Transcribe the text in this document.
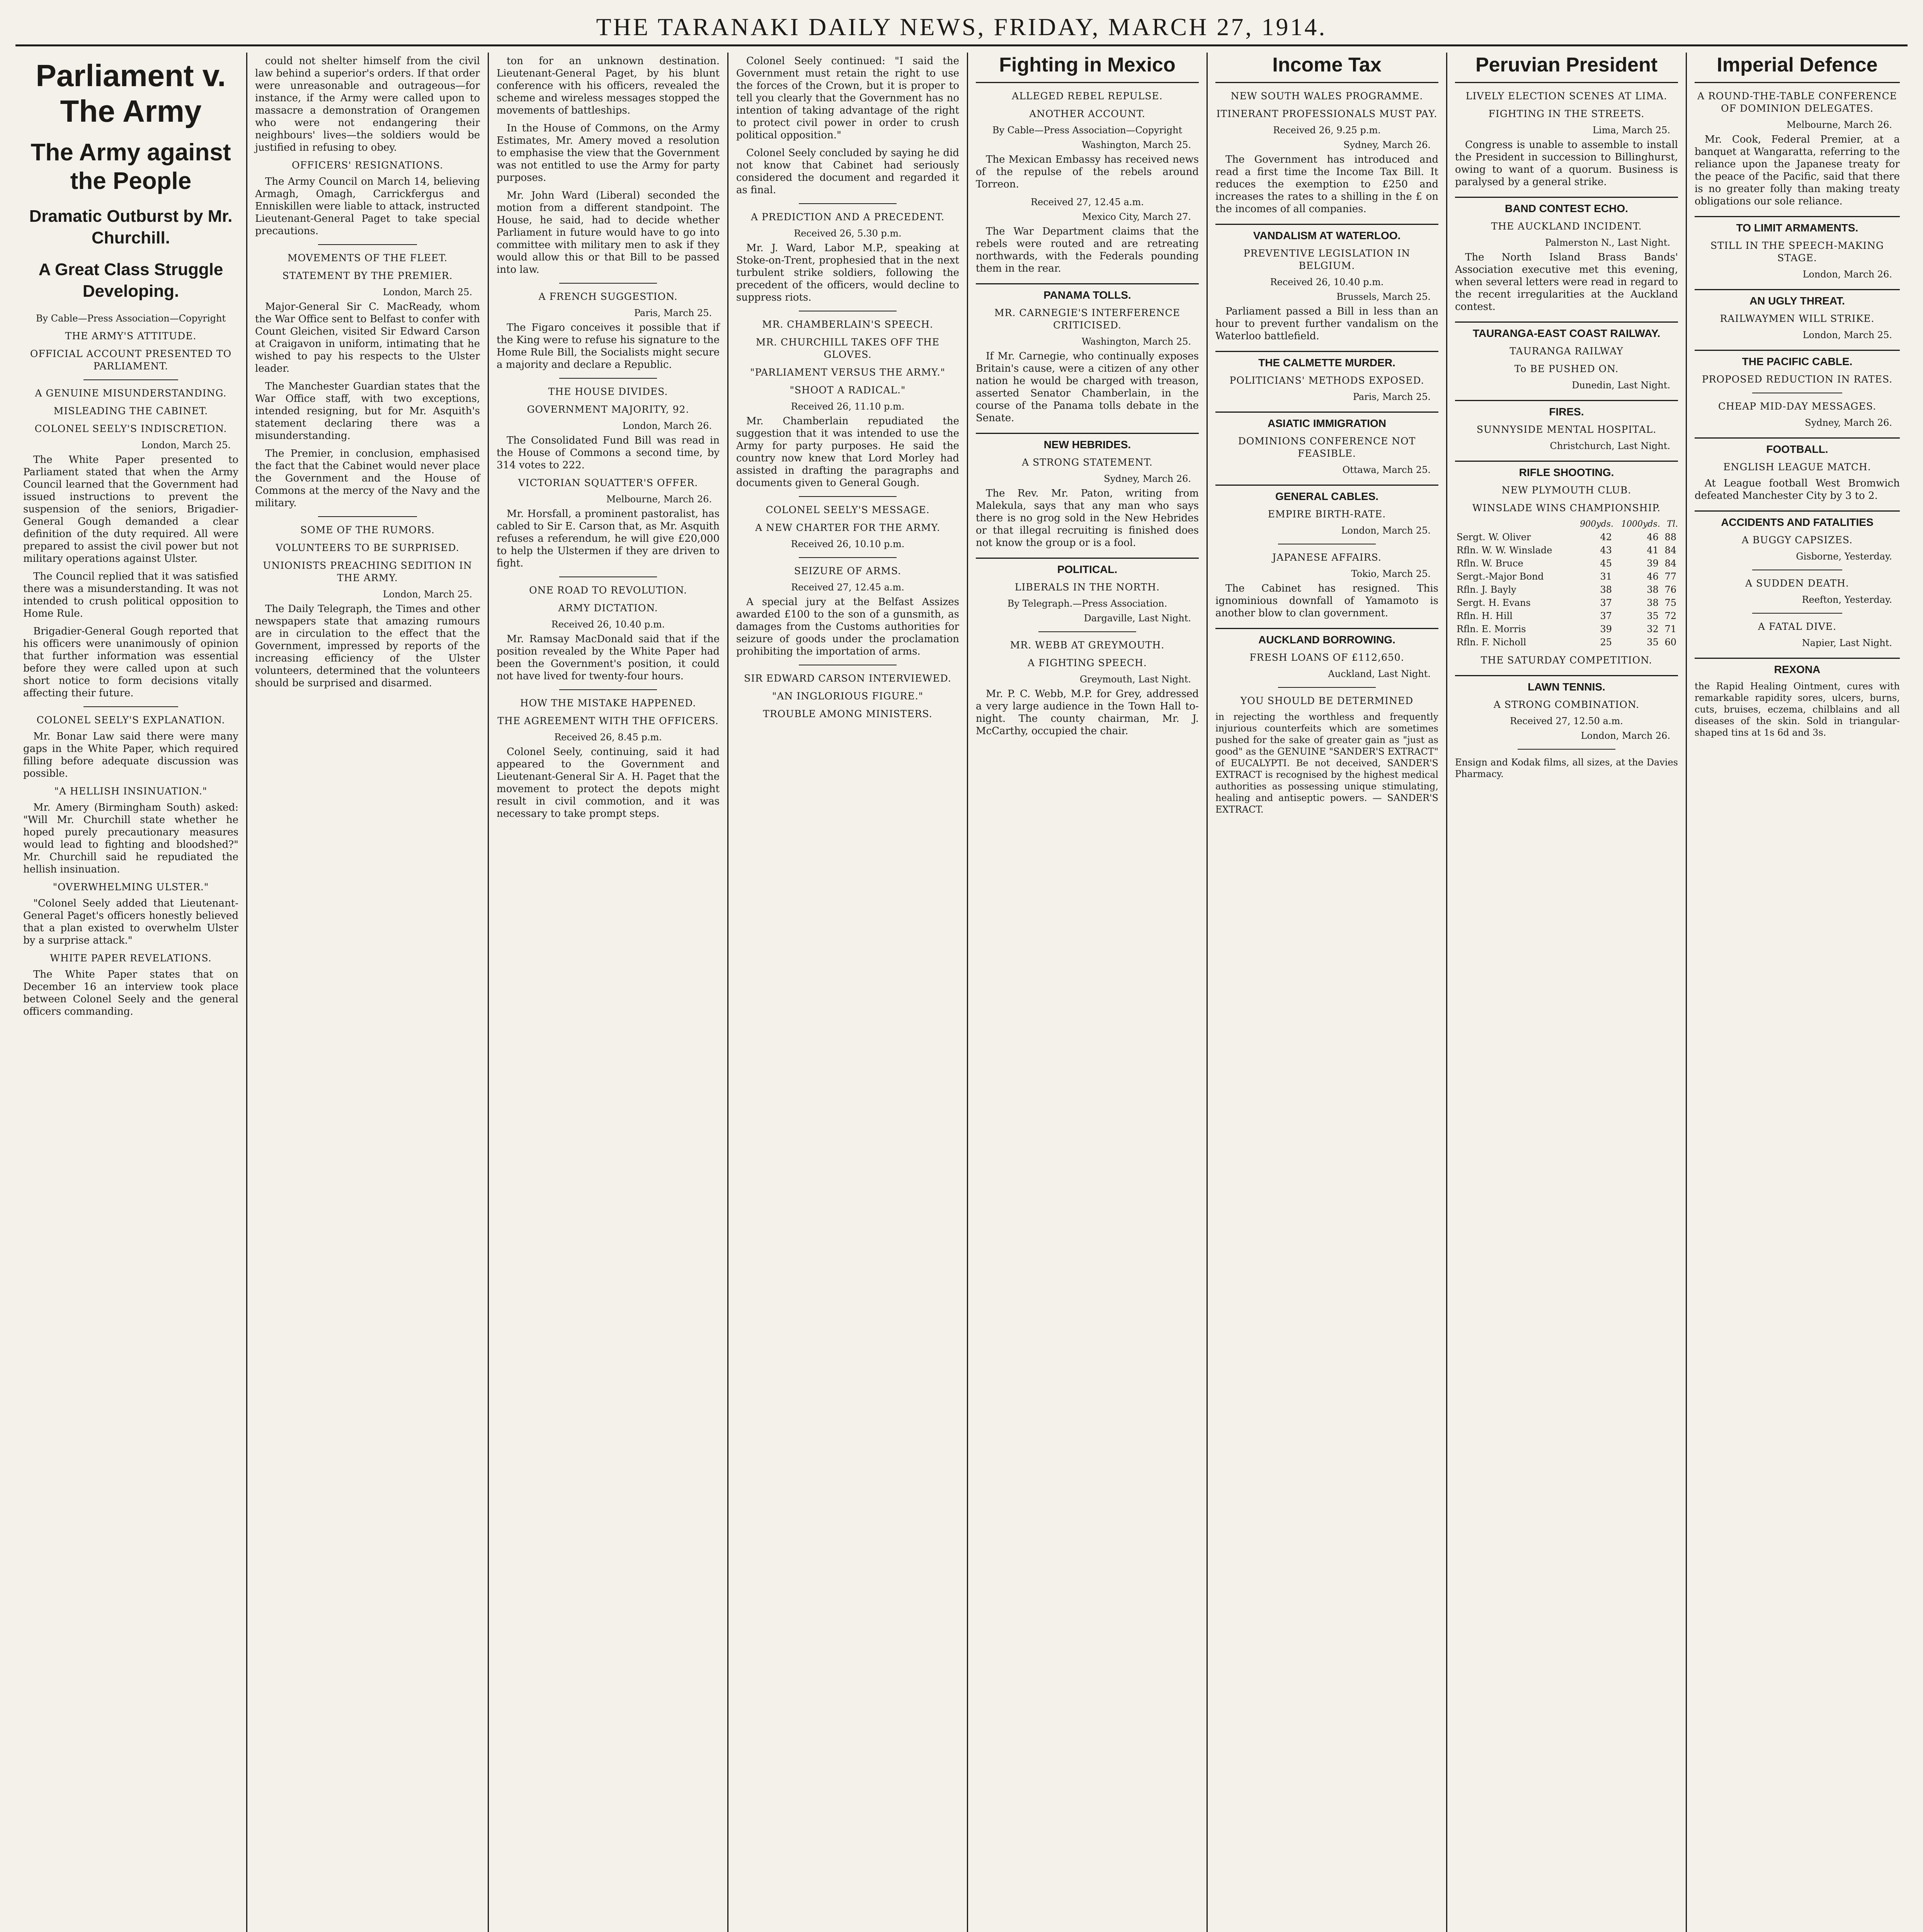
THE TARANAKI DAILY NEWS, FRIDAY, MARCH 27, 1914.
Parliament v. The Army
The Army against the People
Dramatic Outburst by Mr. Churchill.
A Great Class Struggle Developing.
By Cable—Press Association—Copyright
THE ARMY'S ATTITUDE.
OFFICIAL ACCOUNT PRESENTED TO PARLIAMENT.
A GENUINE MISUNDERSTANDING.
MISLEADING THE CABINET.
COLONEL SEELY'S INDISCRETION.
London, March 25.

The White Paper presented to Parliament stated that when the Army Council learned that the Government had issued instructions to prevent the suspension of the seniors, Brigadier-General Gough demanded a clear definition of the duty required. All were prepared to assist the civil power but not military operations against Ulster.

The Council replied that it was satisfied there was a misunderstanding. It was not intended to crush political opposition to Home Rule.

Brigadier-General Gough reported that his officers were unanimously of opinion that further information was essential before they were called upon at such short notice to form decisions vitally affecting their future.

COLONEL SEELY'S EXPLANATION.

Mr. Bonar Law said there were many gaps in the White Paper, which required filling before adequate discussion was possible.

"A HELLISH INSINUATION."

Mr. Amery (Birmingham South) asked: "Will Mr. Churchill state whether he hoped purely precautionary measures would lead to fighting and bloodshed?" Mr. Churchill said he repudiated the hellish insinuation.

"OVERWHELMING ULSTER."

"Colonel Seely added that Lieutenant-General Paget's officers honestly believed that a plan existed to overwhelm Ulster by a surprise attack."

WHITE PAPER REVELATIONS.

The White Paper states that on December 16 an interview took place between Colonel Seely and the general officers commanding.

could not shelter himself from the civil law behind a superior's orders. If that order were unreasonable and outrageous—for instance, if the Army were called upon to massacre a demonstration of Orangemen who were not endangering their neighbours' lives—the soldiers would be justified in refusing to obey.

OFFICERS' RESIGNATIONS.

The Army Council on March 14, believing Armagh, Omagh, Carrickfergus and Enniskillen were liable to attack, instructed Lieutenant-General Paget to take special precautions.

MOVEMENTS OF THE FLEET.
STATEMENT BY THE PREMIER.
London, March 25.

Major-General Sir C. MacReady, whom the War Office sent to Belfast to confer with Count Gleichen, visited Sir Edward Carson at Craigavon in uniform, intimating that he wished to pay his respects to the Ulster leader.

The Manchester Guardian states that the War Office staff, with two exceptions, intended resigning, but for Mr. Asquith's statement declaring there was a misunderstanding.

The Premier, in conclusion, emphasised the fact that the Cabinet would never place the Government and the House of Commons at the mercy of the Navy and the military.

SOME OF THE RUMORS.
VOLUNTEERS TO BE SURPRISED.
UNIONISTS PREACHING SEDITION IN THE ARMY.
London, March 25.

The Daily Telegraph, the Times and other newspapers state that amazing rumours are in circulation to the effect that the Government, impressed by reports of the increasing efficiency of the Ulster volunteers, determined that the volunteers should be surprised and disarmed.

ton for an unknown destination. Lieutenant-General Paget, by his blunt conference with his officers, revealed the scheme and wireless messages stopped the movements of battleships.

In the House of Commons, on the Army Estimates, Mr. Amery moved a resolution to emphasise the view that the Government was not entitled to use the Army for party purposes.

Mr. John Ward (Liberal) seconded the motion from a different standpoint. The House, he said, had to decide whether Parliament in future would have to go into committee with military men to ask if they would allow this or that Bill to be passed into law.

A FRENCH SUGGESTION.
Paris, March 25.

The Figaro conceives it possible that if the King were to refuse his signature to the Home Rule Bill, the Socialists might secure a majority and declare a Republic.

THE HOUSE DIVIDES.
GOVERNMENT MAJORITY, 92.
London, March 26.

The Consolidated Fund Bill was read in the House of Commons a second time, by 314 votes to 222.

VICTORIAN SQUATTER'S OFFER.
Melbourne, March 26.

Mr. Horsfall, a prominent pastoralist, has cabled to Sir E. Carson that, as Mr. Asquith refuses a referendum, he will give £20,000 to help the Ulstermen if they are driven to fight.

ONE ROAD TO REVOLUTION.
ARMY DICTATION.
Received 26, 10.40 p.m.

Mr. Ramsay MacDonald said that if the position revealed by the White Paper had been the Government's position, it could not have lived for twenty-four hours.

HOW THE MISTAKE HAPPENED.
THE AGREEMENT WITH THE OFFICERS.
Received 26, 8.45 p.m.

Colonel Seely, continuing, said it had appeared to the Government and Lieutenant-General Sir A. H. Paget that the movement to protect the depots might result in civil commotion, and it was necessary to take prompt steps.

Colonel Seely continued: "I said the Government must retain the right to use the forces of the Crown, but it is proper to tell you clearly that the Government has no intention of taking advantage of the right to protect civil power in order to crush political opposition."

Colonel Seely concluded by saying he did not know that Cabinet had seriously considered the document and regarded it as final.

A PREDICTION AND A PRECEDENT.
Received 26, 5.30 p.m.

Mr. J. Ward, Labor M.P., speaking at Stoke-on-Trent, prophesied that in the next turbulent strike soldiers, following the precedent of the officers, would decline to suppress riots.

MR. CHAMBERLAIN'S SPEECH.
MR. CHURCHILL TAKES OFF THE GLOVES.
"PARLIAMENT VERSUS THE ARMY."
"SHOOT A RADICAL."
Received 26, 11.10 p.m.

Mr. Chamberlain repudiated the suggestion that it was intended to use the Army for party purposes. He said the country now knew that Lord Morley had assisted in drafting the paragraphs and documents given to General Gough.

COLONEL SEELY'S MESSAGE.
A NEW CHARTER FOR THE ARMY.
Received 26, 10.10 p.m.
SEIZURE OF ARMS.
Received 27, 12.45 a.m.

A special jury at the Belfast Assizes awarded £100 to the son of a gunsmith, as damages from the Customs authorities for seizure of goods under the proclamation prohibiting the importation of arms.

SIR EDWARD CARSON INTERVIEWED.
"AN INGLORIOUS FIGURE."
TROUBLE AMONG MINISTERS.

Fighting in Mexico
ALLEGED REBEL REPULSE.
ANOTHER ACCOUNT.
By Cable—Press Association—Copyright
Washington, March 25.

The Mexican Embassy has received news of the repulse of the rebels around Torreon.

Received 27, 12.45 a.m.
Mexico City, March 27.

The War Department claims that the rebels were routed and are retreating northwards, with the Federals pounding them in the rear.

PANAMA TOLLS.
MR. CARNEGIE'S INTERFERENCE CRITICISED.
Washington, March 25.

If Mr. Carnegie, who continually exposes Britain's cause, were a citizen of any other nation he would be charged with treason, asserted Senator Chamberlain, in the course of the Panama tolls debate in the Senate.

NEW HEBRIDES.
A STRONG STATEMENT.
Sydney, March 26.

The Rev. Mr. Paton, writing from Malekula, says that any man who says there is no grog sold in the New Hebrides or that illegal recruiting is finished does not know the group or is a fool.

POLITICAL.
LIBERALS IN THE NORTH.
By Telegraph.—Press Association.
Dargaville, Last Night.
MR. WEBB AT GREYMOUTH.
A FIGHTING SPEECH.
Greymouth, Last Night.

Mr. P. C. Webb, M.P. for Grey, addressed a very large audience in the Town Hall to-night. The county chairman, Mr. J. McCarthy, occupied the chair.

Income Tax
NEW SOUTH WALES PROGRAMME.
ITINERANT PROFESSIONALS MUST PAY.
Received 26, 9.25 p.m.
Sydney, March 26.

The Government has introduced and read a first time the Income Tax Bill. It reduces the exemption to £250 and increases the rates to a shilling in the £ on the incomes of all companies.

VANDALISM AT WATERLOO.
PREVENTIVE LEGISLATION IN BELGIUM.
Received 26, 10.40 p.m.
Brussels, March 25.

Parliament passed a Bill in less than an hour to prevent further vandalism on the Waterloo battlefield.

THE CALMETTE MURDER.
POLITICIANS' METHODS EXPOSED.
Paris, March 25.
ASIATIC IMMIGRATION
DOMINIONS CONFERENCE NOT FEASIBLE.
Ottawa, March 25.
GENERAL CABLES.
EMPIRE BIRTH-RATE.
London, March 25.
JAPANESE AFFAIRS.
Tokio, March 25.

The Cabinet has resigned. This ignominious downfall of Yamamoto is another blow to clan government.

AUCKLAND BORROWING.
FRESH LOANS OF £112,650.
Auckland, Last Night.
YOU SHOULD BE DETERMINED
in rejecting the worthless and frequently injurious counterfeits which are sometimes pushed for the sake of greater gain as "just as good" as the GENUINE "SANDER'S EXTRACT" of EUCALYPTI. Be not deceived, SANDER'S EXTRACT is recognised by the highest medical authorities as possessing unique stimulating, healing and antiseptic powers. — SANDER'S EXTRACT.

Peruvian President
LIVELY ELECTION SCENES AT LIMA.
FIGHTING IN THE STREETS.
Lima, March 25.

Congress is unable to assemble to install the President in succession to Billinghurst, owing to want of a quorum. Business is paralysed by a general strike.

BAND CONTEST ECHO.
THE AUCKLAND INCIDENT.
Palmerston N., Last Night.

The North Island Brass Bands' Association executive met this evening, when several letters were read in regard to the recent irregularities at the Auckland contest.

TAURANGA-EAST COAST RAILWAY.
TAURANGA RAILWAY
To BE PUSHED ON.
Dunedin, Last Night.
FIRES.
SUNNYSIDE MENTAL HOSPITAL.
Christchurch, Last Night.
RIFLE SHOOTING.
NEW PLYMOUTH CLUB.
WINSLADE WINS CHAMPIONSHIP.
	900yds.	1000yds.	Tl.
Sergt. W. Oliver	42	46	88
Rfln. W. W. Winslade	43	41	84
Rfln. W. Bruce	45	39	84
Sergt.-Major Bond	31	46	77
Rfln. J. Bayly	38	38	76
Sergt. H. Evans	37	38	75
Rfln. H. Hill	37	35	72
Rfln. E. Morris	39	32	71
Rfln. F. Nicholl	25	35	60
THE SATURDAY COMPETITION.
LAWN TENNIS.
A STRONG COMBINATION.
Received 27, 12.50 a.m.
London, March 26.
Ensign and Kodak films, all sizes, at the Davies Pharmacy.

Imperial Defence
A ROUND-THE-TABLE CONFERENCE OF DOMINION DELEGATES.
Melbourne, March 26.

Mr. Cook, Federal Premier, at a banquet at Wangaratta, referring to the reliance upon the Japanese treaty for the peace of the Pacific, said that there is no greater folly than making treaty obligations our sole reliance.

TO LIMIT ARMAMENTS.
STILL IN THE SPEECH-MAKING STAGE.
London, March 26.
AN UGLY THREAT.
RAILWAYMEN WILL STRIKE.
London, March 25.
THE PACIFIC CABLE.
PROPOSED REDUCTION IN RATES.
CHEAP MID-DAY MESSAGES.
Sydney, March 26.
FOOTBALL.
ENGLISH LEAGUE MATCH.

At League football West Bromwich defeated Manchester City by 3 to 2.

ACCIDENTS AND FATALITIES
A BUGGY CAPSIZES.
Gisborne, Yesterday.
A SUDDEN DEATH.
Reefton, Yesterday.
A FATAL DIVE.
Napier, Last Night.
REXONA
the Rapid Healing Ointment, cures with remarkable rapidity sores, ulcers, burns, cuts, bruises, eczema, chilblains and all diseases of the skin. Sold in triangular-shaped tins at 1s 6d and 3s.
